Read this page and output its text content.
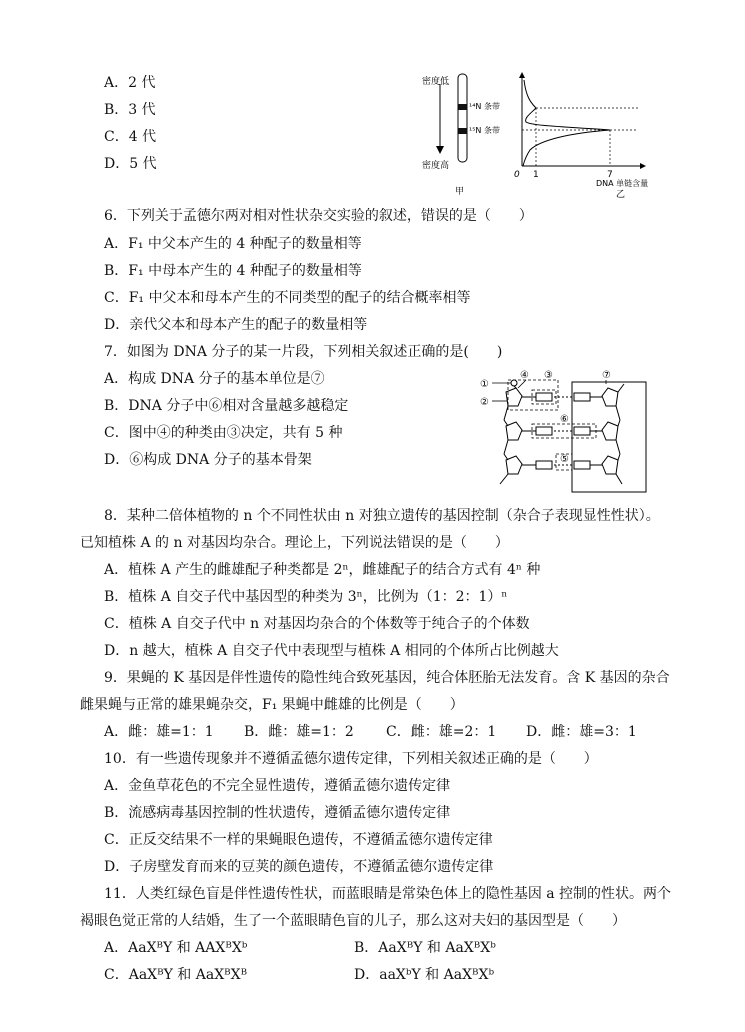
A．2 代
B．3 代
C．4 代
D．5 代
密度低
密度高
¹⁴N 条带
¹⁵N 条带
甲
0 1	7
DNA 单链含量
乙
6．下列关于孟德尔两对相对性状杂交实验的叙述，错误的是（　　）
A．F₁ 中父本产生的 4 种配子的数量相等
B．F₁ 中母本产生的 4 种配子的数量相等
C．F₁ 中父本和母本产生的不同类型的配子的结合概率相等
D．亲代父本和母本产生的配子的数量相等
7．如图为 DNA 分子的某一片段，下列相关叙述正确的是(　　)
A．构成 DNA 分子的基本单位是⑦
B．DNA 分子中⑥相对含量越多越稳定
C．图中④的种类由③决定，共有 5 种
D．⑥构成 DNA 分子的基本骨架
①
②
③
④
⑤
⑥
⑦
8．某种二倍体植物的 n 个不同性状由 n 对独立遗传的基因控制（杂合子表现显性性状）。
已知植株 A 的 n 对基因均杂合。理论上，下列说法错误的是（　　）
A．植株 A 产生的雌雄配子种类都是 2ⁿ，雌雄配子的结合方式有 4ⁿ 种
B．植株 A 自交子代中基因型的种类为 3ⁿ，比例为（1：2：1）ⁿ
C．植株 A 自交子代中 n 对基因均杂合的个体数等于纯合子的个体数
D．n 越大，植株 A 自交子代中表现型与植株 A 相同的个体所占比例越大
9．果蝇的 K 基因是伴性遗传的隐性纯合致死基因，纯合体胚胎无法发育。含 K 基因的杂合
雌果蝇与正常的雄果蝇杂交，F₁ 果蝇中雌雄的比例是（　　）
A．雌：雄=1：1 B．雌：雄=1：2 C．雌：雄=2：1 D．雌：雄=3：1
10．有一些遗传现象并不遵循孟德尔遗传定律，下列相关叙述正确的是（　　）
A．金鱼草花色的不完全显性遗传，遵循孟德尔遗传定律
B．流感病毒基因控制的性状遗传，遵循孟德尔遗传定律
C．正反交结果不一样的果蝇眼色遗传，不遵循孟德尔遗传定律
D．子房壁发育而来的豆荚的颜色遗传，不遵循孟德尔遗传定律
11．人类红绿色盲是伴性遗传性状，而蓝眼睛是常染色体上的隐性基因 a 控制的性状。两个
褐眼色觉正常的人结婚，生了一个蓝眼睛色盲的儿子，那么这对夫妇的基因型是（　　）
A．AaXᴮY 和 AAXᴮXᵇ	B．AaXᴮY 和 AaXᴮXᵇ
C．AaXᴮY 和 AaXᴮXᴮ	D．aaXᵇY 和 AaXᴮXᵇ
